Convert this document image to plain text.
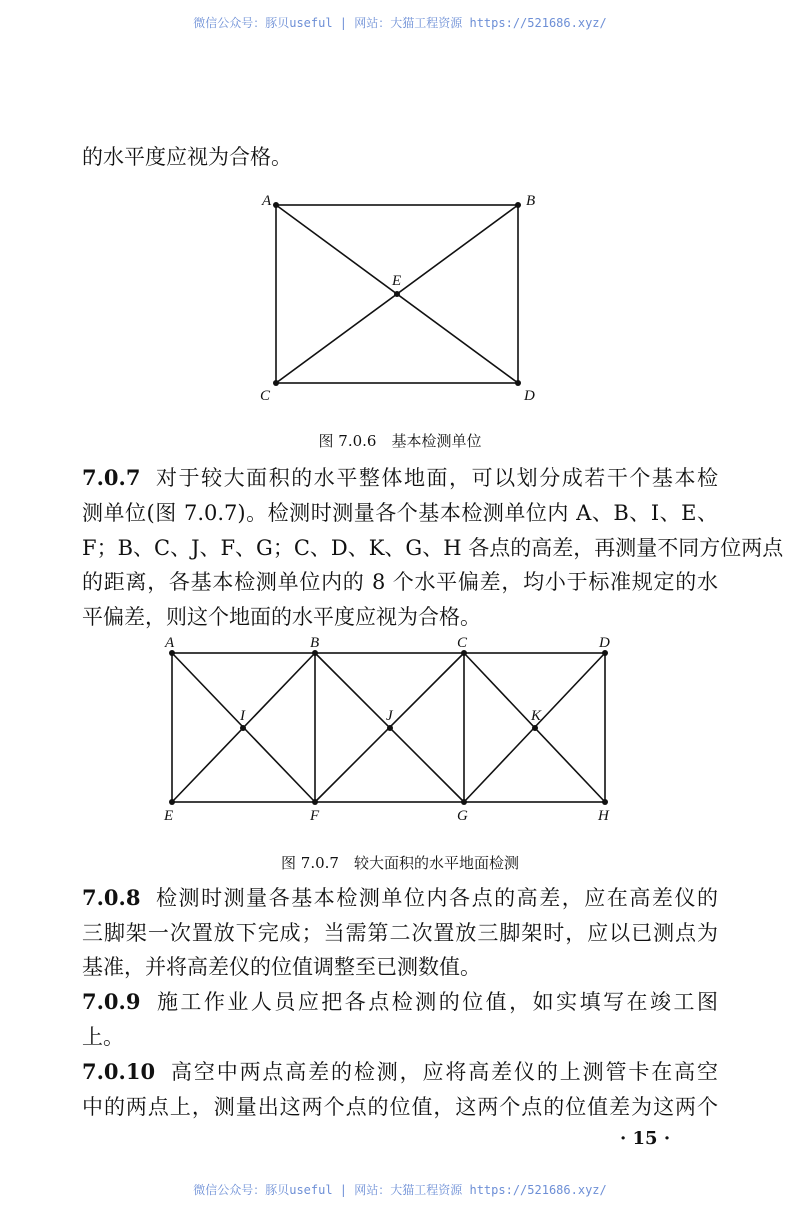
微信公众号：豚贝useful | 网站：大猫工程资源 https://521686.xyz/
的水平度应视为合格。
A	B
C	D
E
图 7.0.6　基本检测单位
7.0.7 对于较大面积的水平整体地面，可以划分成若干个基本检
测单位(图 7.0.7)。检测时测量各个基本检测单位内 A、B、I、E、
F；B、C、J、F、G；C、D、K、G、H 各点的高差，再测量不同方位两点
的距离，各基本检测单位内的 8 个水平偏差，均小于标准规定的水
平偏差，则这个地面的水平度应视为合格。
A	B	C	D
E	F	G	H
I	J	K
图 7.0.7　较大面积的水平地面检测
7.0.8 检测时测量各基本检测单位内各点的高差，应在高差仪的
三脚架一次置放下完成；当需第二次置放三脚架时，应以已测点为
基准，并将高差仪的位值调整至已测数值。
7.0.9 施工作业人员应把各点检测的位值，如实填写在竣工图
上。
7.0.10 高空中两点高差的检测，应将高差仪的上测管卡在高空
中的两点上，测量出这两个点的位值，这两个点的位值差为这两个
· 15 ·
微信公众号：豚贝useful | 网站：大猫工程资源 https://521686.xyz/
